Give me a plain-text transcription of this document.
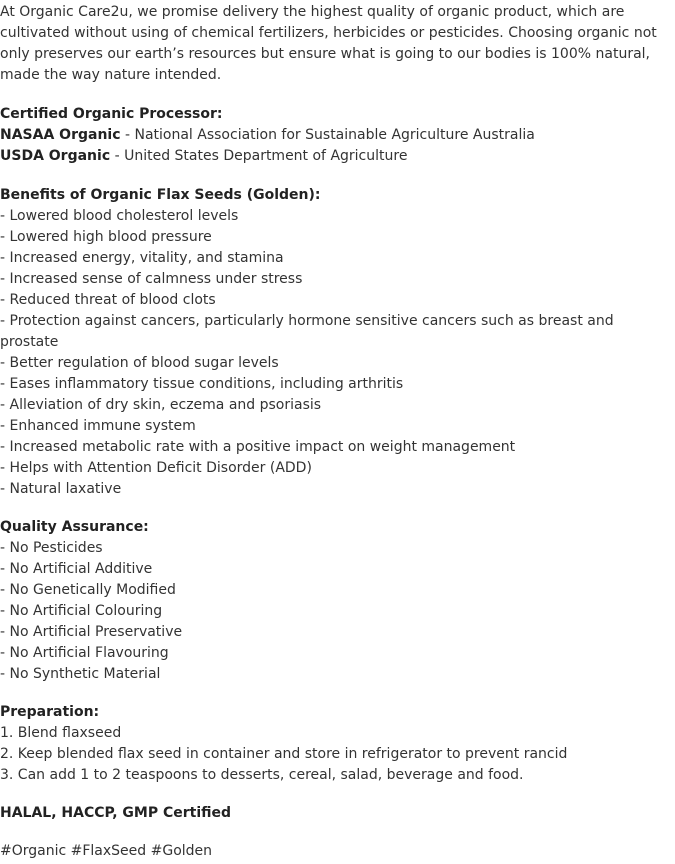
At Organic Care2u, we promise delivery the highest quality of organic product, which are cultivated without using of chemical fertilizers, herbicides or pesticides. Choosing organic not only preserves our earth’s resources but ensure what is going to our bodies is 100% natural, made the way nature intended.

Certified Organic Processor:

NASAA Organic - National Association for Sustainable Agriculture Australia

USDA Organic - United States Department of Agriculture

Benefits of Organic Flax Seeds (Golden):

- Lowered blood cholesterol levels
- Lowered high blood pressure
- Increased energy, vitality, and stamina
- Increased sense of calmness under stress
- Reduced threat of blood clots
- Protection against cancers, particularly hormone sensitive cancers such as breast and prostate
- Better regulation of blood sugar levels
- Eases inflammatory tissue conditions, including arthritis
- Alleviation of dry skin, eczema and psoriasis
- Enhanced immune system
- Increased metabolic rate with a positive impact on weight management
- Helps with Attention Deficit Disorder (ADD)
- Natural laxative

Quality Assurance:

- No Pesticides
- No Artificial Additive
- No Genetically Modified
- No Artificial Colouring
- No Artificial Preservative
- No Artificial Flavouring
- No Synthetic Material

Preparation:

1. Blend flaxseed
2. Keep blended flax seed in container and store in refrigerator to prevent rancid
3. Can add 1 to 2 teaspoons to desserts, cereal, salad, beverage and food.

HALAL, HACCP, GMP Certified

#Organic #FlaxSeed #Golden
